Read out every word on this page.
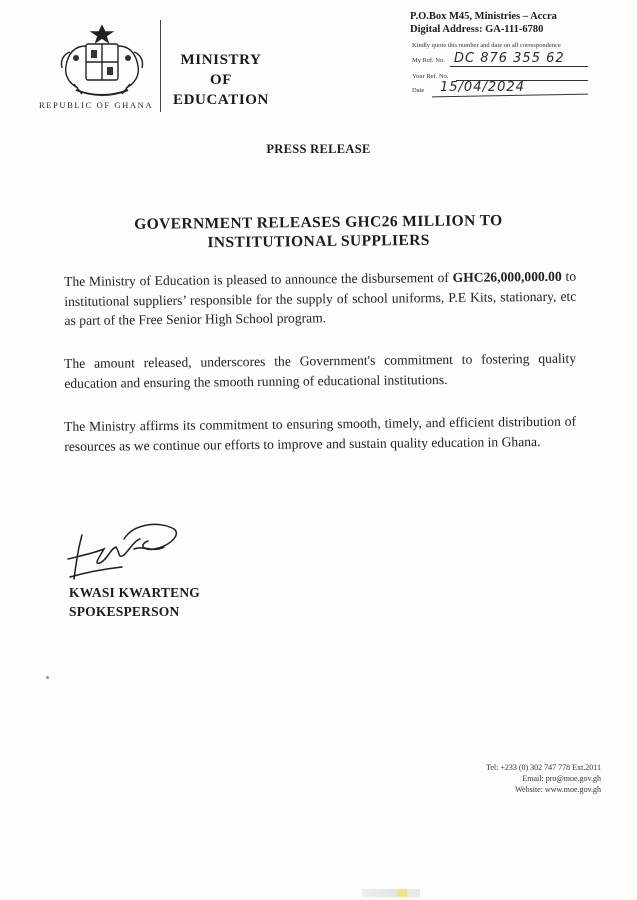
REPUBLIC OF GHANA
MINISTRY
OF
EDUCATION
P.O.Box M45, Ministries – Accra
Digital Address: GA-111-6780
Kindly quote this number and date on all correspondence
My Ref. No. DC 876 355 62
Your Ref. No.
Date 15/04/2024
PRESS RELEASE
GOVERNMENT RELEASES GHC26 MILLION TO
INSTITUTIONAL SUPPLIERS
The Ministry of Education is pleased to announce the disbursement of GHC26,000,000.00 to institutional suppliers’ responsible for the supply of school uniforms, P.E Kits, stationary, etc as part of the Free Senior High School program.
The amount released, underscores the Government's commitment to fostering quality education and ensuring the smooth running of educational institutions.
The Ministry affirms its commitment to ensuring smooth, timely, and efficient distribution of resources as we continue our efforts to improve and sustain quality education in Ghana.
KWASI KWARTENG
SPOKESPERSON
Tel: +233 (0) 302 747 778 Ext.2011
Email: pro@moe.gov.gh
Website: www.moe.gov.gh
